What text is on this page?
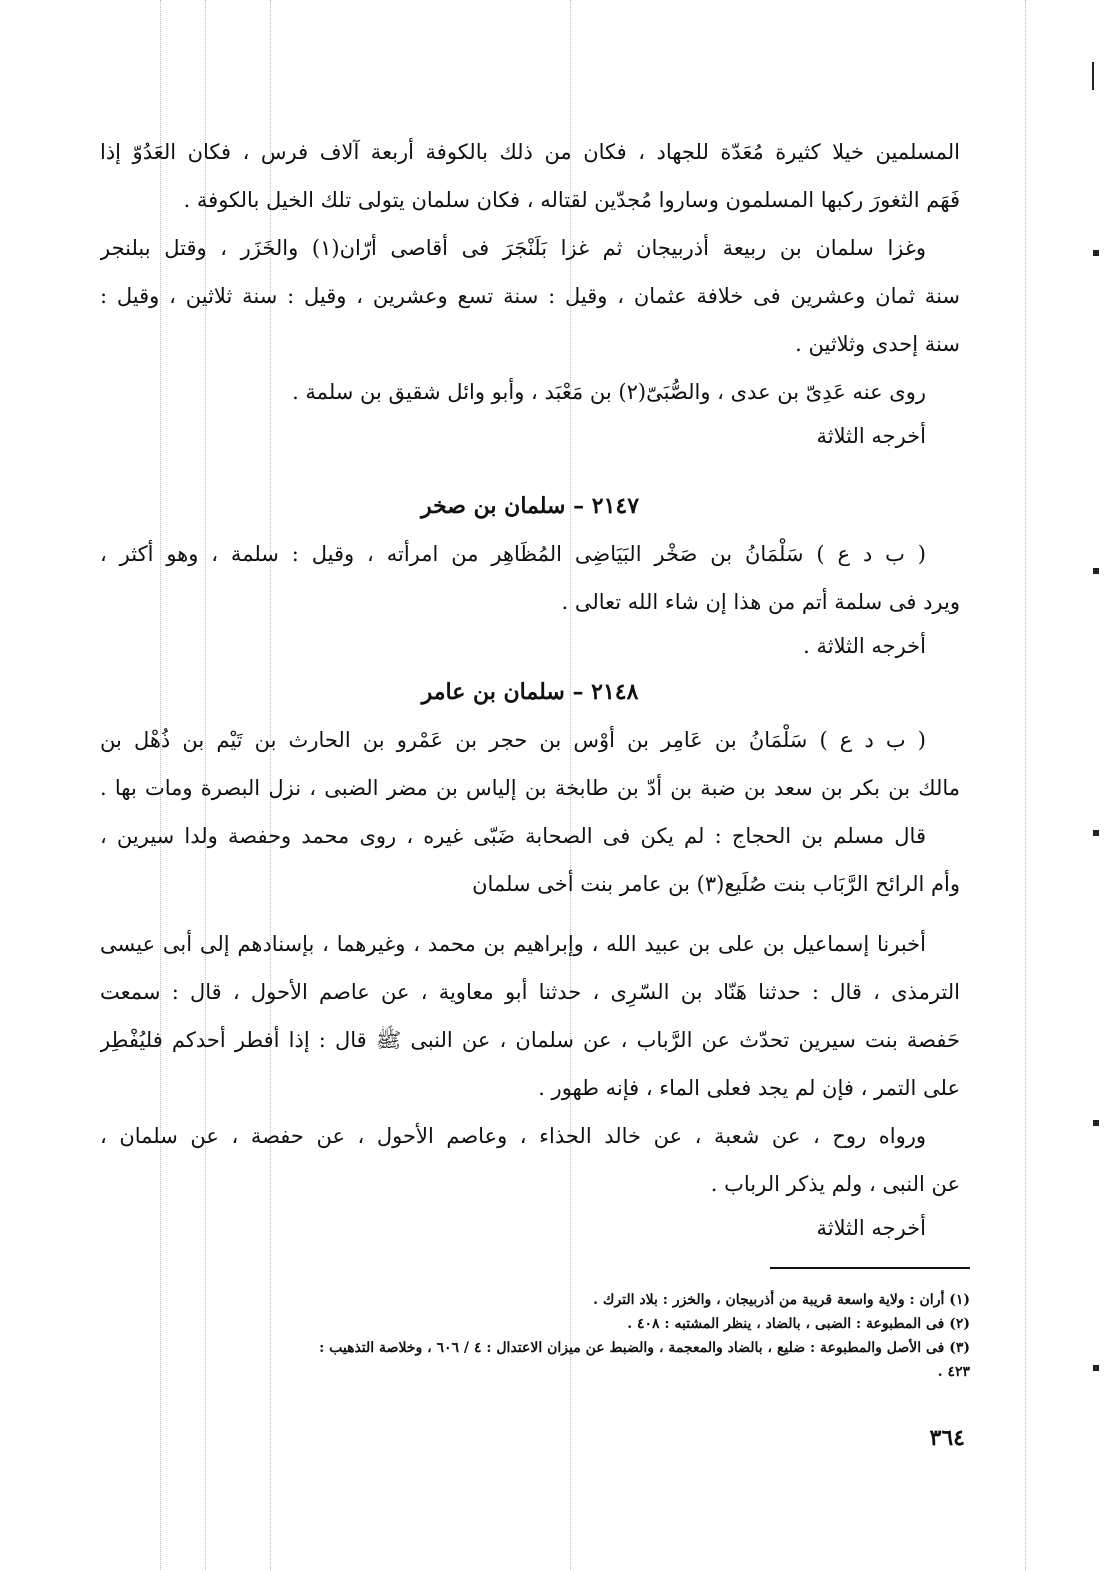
المسلمين خيلا كثيرة مُعَدّة للجهاد ، فكان من ذلك بالكوفة أربعة آلاف فرس ، فكان العَدُوّ إذا
فَهَم الثغورَ ركبها المسلمون وساروا مُجدّين لقتاله ، فكان سلمان يتولى تلك الخيل بالكوفة .
وغزا سلمان بن ربيعة أذربيجان ثم غزا بَلَنْجَرَ فى أقاصى أرّان(١) والخَزَر ، وقتل ببلنجر
سنة ثمان وعشرين فى خلافة عثمان ، وقيل : سنة تسع وعشرين ، وقيل : سنة ثلاثين ، وقيل :
سنة إحدى وثلاثين .
روى عنه عَدِىّ بن عدى ، والصُّبَىّ(٢) بن مَعْبَد ، وأبو وائل شقيق بن سلمة .
أخرجه الثلاثة
٢١٤٧ – سلمان بن صخر
( ب د ع ) سَلْمَانُ بن صَخْر البَيَاضِى المُظَاهِر من امرأته ، وقيل : سلمة ، وهو أكثر ،
ويرد فى سلمة أتم من هذا إن شاء الله تعالى .
أخرجه الثلاثة .
٢١٤٨ – سلمان بن عامر
( ب د ع ) سَلْمَانُ بن عَامِر بن أوْس بن حجر بن عَمْرو بن الحارث بن تَيْم بن ذُهْل بن
مالك بن بكر بن سعد بن ضبة بن أدّ بن طابخة بن إلياس بن مضر الضبى ، نزل البصرة ومات بها .
قال مسلم بن الحجاج : لم يكن فى الصحابة ضَبّى غيره ، روى محمد وحفصة ولدا سيرين ،
وأم الرائح الرَّبَاب بنت صُلَيع(٣) بن عامر بنت أخى سلمان
أخبرنا إسماعيل بن على بن عبيد الله ، وإبراهيم بن محمد ، وغيرهما ، بإسنادهم إلى أبى عيسى
الترمذى ، قال : حدثنا هَنّاد بن السّرِى ، حدثنا أبو معاوية ، عن عاصم الأحول ، قال : سمعت
حَفصة بنت سيرين تحدّث عن الرَّباب ، عن سلمان ، عن النبى ﷺ قال : إذا أفطر أحدكم فليُفْطِر
على التمر ، فإن لم يجد فعلى الماء ، فإنه طهور .
ورواه روح ، عن شعبة ، عن خالد الحذاء ، وعاصم الأحول ، عن حفصة ، عن سلمان ،
عن النبى ، ولم يذكر الرباب .
أخرجه الثلاثة
(١) أران : ولاية واسعة قريبة من أذربيجان ، والخزر : بلاد الترك .
(٢) فى المطبوعة : الضبى ، بالضاد ، ينظر المشتبه : ٤٠٨ .
(٣) فى الأصل والمطبوعة : ضليع ، بالضاد والمعجمة ، والضبط عن ميزان الاعتدال : ٤ / ٦٠٦ ، وخلاصة التذهيب :
٤٢٣ .
٣٦٤
